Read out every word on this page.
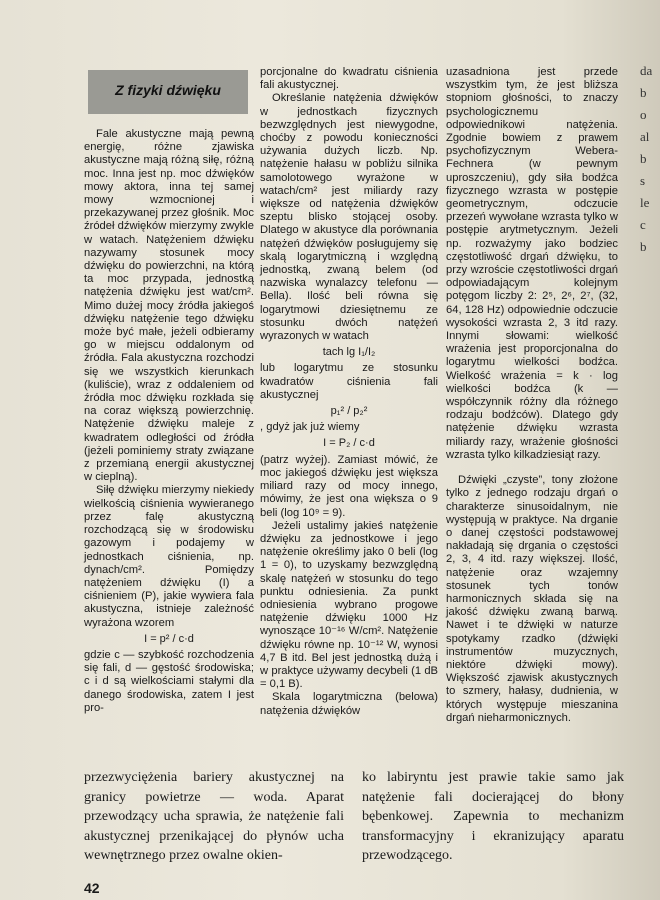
Z fizyki dźwięku

Fale akustyczne mają pewną energię, różne zjawiska akustyczne mają różną siłę, różną moc. Inna jest np. moc dźwięków mowy aktora, inna tej samej mowy wzmocnionej i przekazywanej przez głośnik. Moc źródeł dźwięków mierzymy zwykle w watach. Natężeniem dźwięku nazywamy stosunek mocy dźwięku do powierzchni, na którą ta moc przypada, jednostką natężenia dźwięku jest wat/cm². Mimo dużej mocy źródła jakiegoś dźwięku natężenie tego dźwięku może być małe, jeżeli odbieramy go w miejscu oddalonym od źródła. Fala akustyczna rozchodzi się we wszystkich kierunkach (kuliście), wraz z oddaleniem od źródła moc dźwięku rozkłada się na coraz większą powierzchnię. Natężenie dźwięku maleje z kwadratem odległości od źródła (jeżeli pominiemy straty związane z przemianą energii akustycznej w cieplną).

Siłę dźwięku mierzymy niekiedy wielkością ciśnienia wywieranego przez falę akustyczną rozchodzącą się w środowisku gazowym i podajemy w jednostkach ciśnienia, np. dynach/cm². Pomiędzy natężeniem dźwięku (I) a ciśnieniem (P), jakie wywiera fala akustyczna, istnieje zależność wyrażona wzorem

I = p² / c·d

gdzie c — szybkość rozchodzenia się fali, d — gęstość środowiska; c i d są wielkościami stałymi dla danego środowiska, zatem I jest pro-

porcjonalne do kwadratu ciśnienia fali akustycznej.

Określanie natężenia dźwięków w jednostkach fizycznych bezwzględnych jest niewygodne, choćby z powodu konieczności używania dużych liczb. Np. natężenie hałasu w pobliżu silnika samolotowego wyrażone w watach/cm² jest miliardy razy większe od natężenia dźwięków szeptu blisko stojącej osoby. Dlatego w akustyce dla porównania natężeń dźwięków posługujemy się skalą logarytmiczną i względną jednostką, zwaną belem (od nazwiska wynalazcy telefonu — Bella). Ilość beli równa się logarytmowi dziesiętnemu ze stosunku dwóch natężeń wyrazonych w watach

tach lg I₁/I₂

lub logarytmu ze stosunku kwadratów ciśnienia fali akustycznej

p₁² / p₂²

, gdyż jak już wiemy

I = P₂ / c·d

(patrz wyżej). Zamiast mówić, że moc jakiegoś dźwięku jest większa miliard razy od mocy innego, mówimy, że jest ona większa o 9 beli (log 10⁹ = 9).

Jeżeli ustalimy jakieś natężenie dźwięku za jednostkowe i jego natężenie określimy jako 0 beli (log 1 = 0), to uzyskamy bezwzględną skalę natężeń w stosunku do tego punktu odniesienia. Za punkt odniesienia wybrano progowe natężenie dźwięku 1000 Hz wynoszące 10⁻¹⁶ W/cm². Natężenie dźwięku równe np. 10⁻¹² W, wynosi 4,7 B itd. Bel jest jednostką dużą i w praktyce używamy decybeli (1 dB = 0,1 B).

Skala logarytmiczna (belowa) natężenia dźwięków

uzasadniona jest przede wszystkim tym, że jest bliższa stopniom głośności, to znaczy psychologicznemu odpowiednikowi natężenia. Zgodnie bowiem z prawem psychofizycznym Webera-Fechnera (w pewnym uproszczeniu), gdy siła bodźca fizycznego wzrasta w postępie geometrycznym, odczucie przezeń wywołane wzrasta tylko w postępie arytmetycznym. Jeżeli np. rozważymy jako bodziec częstotliwość drgań dźwięku, to przy wzroście częstotliwości drgań odpowiadającym kolejnym potęgom liczby 2: 2⁵, 2⁶, 2⁷, (32, 64, 128 Hz) odpowiednie odczucie wysokości wzrasta 2, 3 itd razy. Innymi słowami: wielkość wrażenia jest proporcjonalna do logarytmu wielkości bodźca. Wielkość wrażenia = k · log wielkości bodźca (k — współczynnik różny dla różnego rodzaju bodźców). Dlatego gdy natężenie dźwięku wzrasta miliardy razy, wrażenie głośności wzrasta tylko kilkadziesiąt razy.

Dźwięki „czyste”, tony złożone tylko z jednego rodzaju drgań o charakterze sinusoidalnym, nie występują w praktyce. Na drganie o danej częstości podstawowej nakładają się drgania o częstości 2, 3, 4 itd. razy większej. Ilość, natężenie oraz wzajemny stosunek tych tonów harmonicznych składa się na jakość dźwięku zwaną barwą. Nawet i te dźwięki w naturze spotykamy rzadko (dźwięki instrumentów muzycznych, niektóre dźwięki mowy). Większość zjawisk akustycznych to szmery, hałasy, dudnienia, w których występuje mieszanina drgań nieharmonicznych.

przezwyciężenia bariery akustycznej na granicy powietrze — woda. Aparat przewodzący ucha sprawia, że natężenie fali akustycznej przenikającej do płynów ucha wewnętrznego przez owalne okien-

ko labiryntu jest prawie takie samo jak natężenie fali docierającej do błony bębenkowej. Zapewnia to mechanizm transformacyjny i ekranizujący aparatu przewodzącego.

42
da
b
o
al
b
s
le
c
b
